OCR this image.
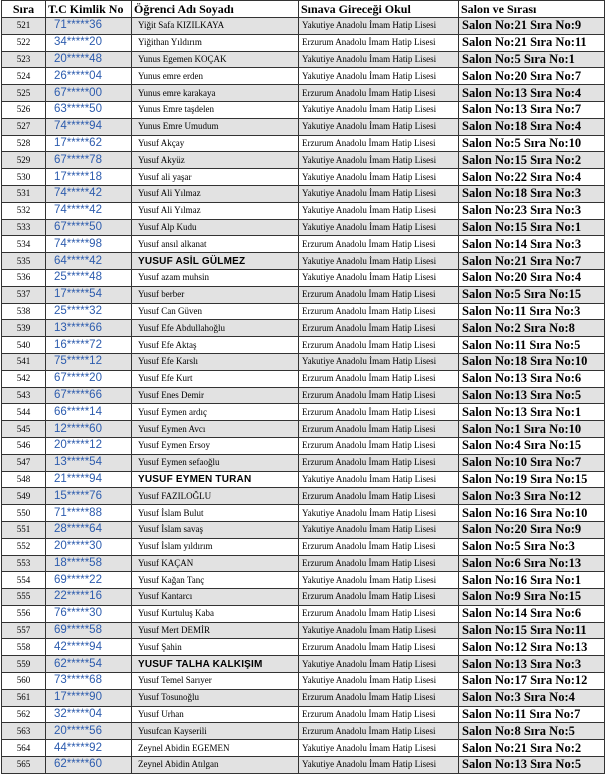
Sıra	T.C Kimlik No	Öğrenci Adı Soyadı	Sınava Gireceği Okul	Salon ve Sırası
521	71*****36	Yiğit Safa KIZILKAYA	Yakutiye Anadolu İmam Hatip Lisesi	Salon No:21 Sıra No:9
522	34*****20	Yiğithan Yıldırım	Erzurum Anadolu İmam Hatip Lisesi	Salon No:21 Sıra No:11
523	20*****48	Yunus Egemen KOÇAK	Yakutiye Anadolu İmam Hatip Lisesi	Salon No:5 Sıra No:1
524	26*****04	Yunus emre erden	Yakutiye Anadolu İmam Hatip Lisesi	Salon No:20 Sıra No:7
525	67*****00	Yunus emre karakaya	Erzurum Anadolu İmam Hatip Lisesi	Salon No:13 Sıra No:4
526	63*****50	Yunus Emre taşdelen	Yakutiye Anadolu İmam Hatip Lisesi	Salon No:13 Sıra No:7
527	74*****94	Yunus Emre Umudum	Yakutiye Anadolu İmam Hatip Lisesi	Salon No:18 Sıra No:4
528	17*****62	Yusuf Akçay	Erzurum Anadolu İmam Hatip Lisesi	Salon No:5 Sıra No:10
529	67*****78	Yusuf Akyüz	Yakutiye Anadolu İmam Hatip Lisesi	Salon No:15 Sıra No:2
530	17*****18	Yusuf ali yaşar	Yakutiye Anadolu İmam Hatip Lisesi	Salon No:22 Sıra No:4
531	74*****42	Yusuf Ali Yılmaz	Yakutiye Anadolu İmam Hatip Lisesi	Salon No:18 Sıra No:3
532	74*****42	Yusuf Ali Yılmaz	Yakutiye Anadolu İmam Hatip Lisesi	Salon No:23 Sıra No:3
533	67*****50	Yusuf Alp Kudu	Yakutiye Anadolu İmam Hatip Lisesi	Salon No:15 Sıra No:1
534	74*****98	Yusuf ansıl alkanat	Erzurum Anadolu İmam Hatip Lisesi	Salon No:14 Sıra No:3
535	64*****42	YUSUF ASİL GÜLMEZ	Yakutiye Anadolu İmam Hatip Lisesi	Salon No:21 Sıra No:7
536	25*****48	Yusuf azam muhsin	Yakutiye Anadolu İmam Hatip Lisesi	Salon No:20 Sıra No:4
537	17*****54	Yusuf berber	Erzurum Anadolu İmam Hatip Lisesi	Salon No:5 Sıra No:15
538	25*****32	Yusuf Can Güven	Erzurum Anadolu İmam Hatip Lisesi	Salon No:11 Sıra No:3
539	13*****66	Yusuf Efe Abdullahoğlu	Erzurum Anadolu İmam Hatip Lisesi	Salon No:2 Sıra No:8
540	16*****72	Yusuf Efe Aktaş	Erzurum Anadolu İmam Hatip Lisesi	Salon No:11 Sıra No:5
541	75*****12	Yusuf Efe Karslı	Yakutiye Anadolu İmam Hatip Lisesi	Salon No:18 Sıra No:10
542	67*****20	Yusuf Efe Kurt	Erzurum Anadolu İmam Hatip Lisesi	Salon No:13 Sıra No:6
543	67*****66	Yusuf Enes Demir	Erzurum Anadolu İmam Hatip Lisesi	Salon No:13 Sıra No:5
544	66*****14	Yusuf Eymen ardıç	Erzurum Anadolu İmam Hatip Lisesi	Salon No:13 Sıra No:1
545	12*****60	Yusuf Eymen Avcı	Erzurum Anadolu İmam Hatip Lisesi	Salon No:1 Sıra No:10
546	20*****12	Yusuf Eymen Ersoy	Erzurum Anadolu İmam Hatip Lisesi	Salon No:4 Sıra No:15
547	13*****54	Yusuf Eymen sefaoğlu	Erzurum Anadolu İmam Hatip Lisesi	Salon No:10 Sıra No:7
548	21*****94	YUSUF EYMEN TURAN	Yakutiye Anadolu İmam Hatip Lisesi	Salon No:19 Sıra No:15
549	15*****76	Yusuf FAZILOĞLU	Erzurum Anadolu İmam Hatip Lisesi	Salon No:3 Sıra No:12
550	71*****88	Yusuf İslam Bulut	Yakutiye Anadolu İmam Hatip Lisesi	Salon No:16 Sıra No:10
551	28*****64	Yusuf İslam savaş	Yakutiye Anadolu İmam Hatip Lisesi	Salon No:20 Sıra No:9
552	20*****30	Yusuf İslam yıldırım	Erzurum Anadolu İmam Hatip Lisesi	Salon No:5 Sıra No:3
553	18*****58	Yusuf KAÇAN	Erzurum Anadolu İmam Hatip Lisesi	Salon No:6 Sıra No:13
554	69*****22	Yusuf Kağan Tanç	Yakutiye Anadolu İmam Hatip Lisesi	Salon No:16 Sıra No:1
555	22*****16	Yusuf Kantarcı	Erzurum Anadolu İmam Hatip Lisesi	Salon No:9 Sıra No:15
556	76*****30	Yusuf Kurtuluş Kaba	Erzurum Anadolu İmam Hatip Lisesi	Salon No:14 Sıra No:6
557	69*****58	Yusuf Mert DEMİR	Yakutiye Anadolu İmam Hatip Lisesi	Salon No:15 Sıra No:11
558	42*****94	Yusuf Şahin	Erzurum Anadolu İmam Hatip Lisesi	Salon No:12 Sıra No:13
559	62*****54	YUSUF TALHA KALKIŞIM	Yakutiye Anadolu İmam Hatip Lisesi	Salon No:13 Sıra No:3
560	73*****68	Yusuf Temel Sarıyer	Yakutiye Anadolu İmam Hatip Lisesi	Salon No:17 Sıra No:12
561	17*****90	Yusuf Tosunoğlu	Erzurum Anadolu İmam Hatip Lisesi	Salon No:3 Sıra No:4
562	32*****04	Yusuf Urhan	Erzurum Anadolu İmam Hatip Lisesi	Salon No:11 Sıra No:7
563	20*****56	Yusufcan Kayserili	Erzurum Anadolu İmam Hatip Lisesi	Salon No:8 Sıra No:5
564	44*****92	Zeynel Abidin EGEMEN	Yakutiye Anadolu İmam Hatip Lisesi	Salon No:21 Sıra No:2
565	62*****60	Zeynel Abidin Atılgan	Yakutiye Anadolu İmam Hatip Lisesi	Salon No:13 Sıra No:5
